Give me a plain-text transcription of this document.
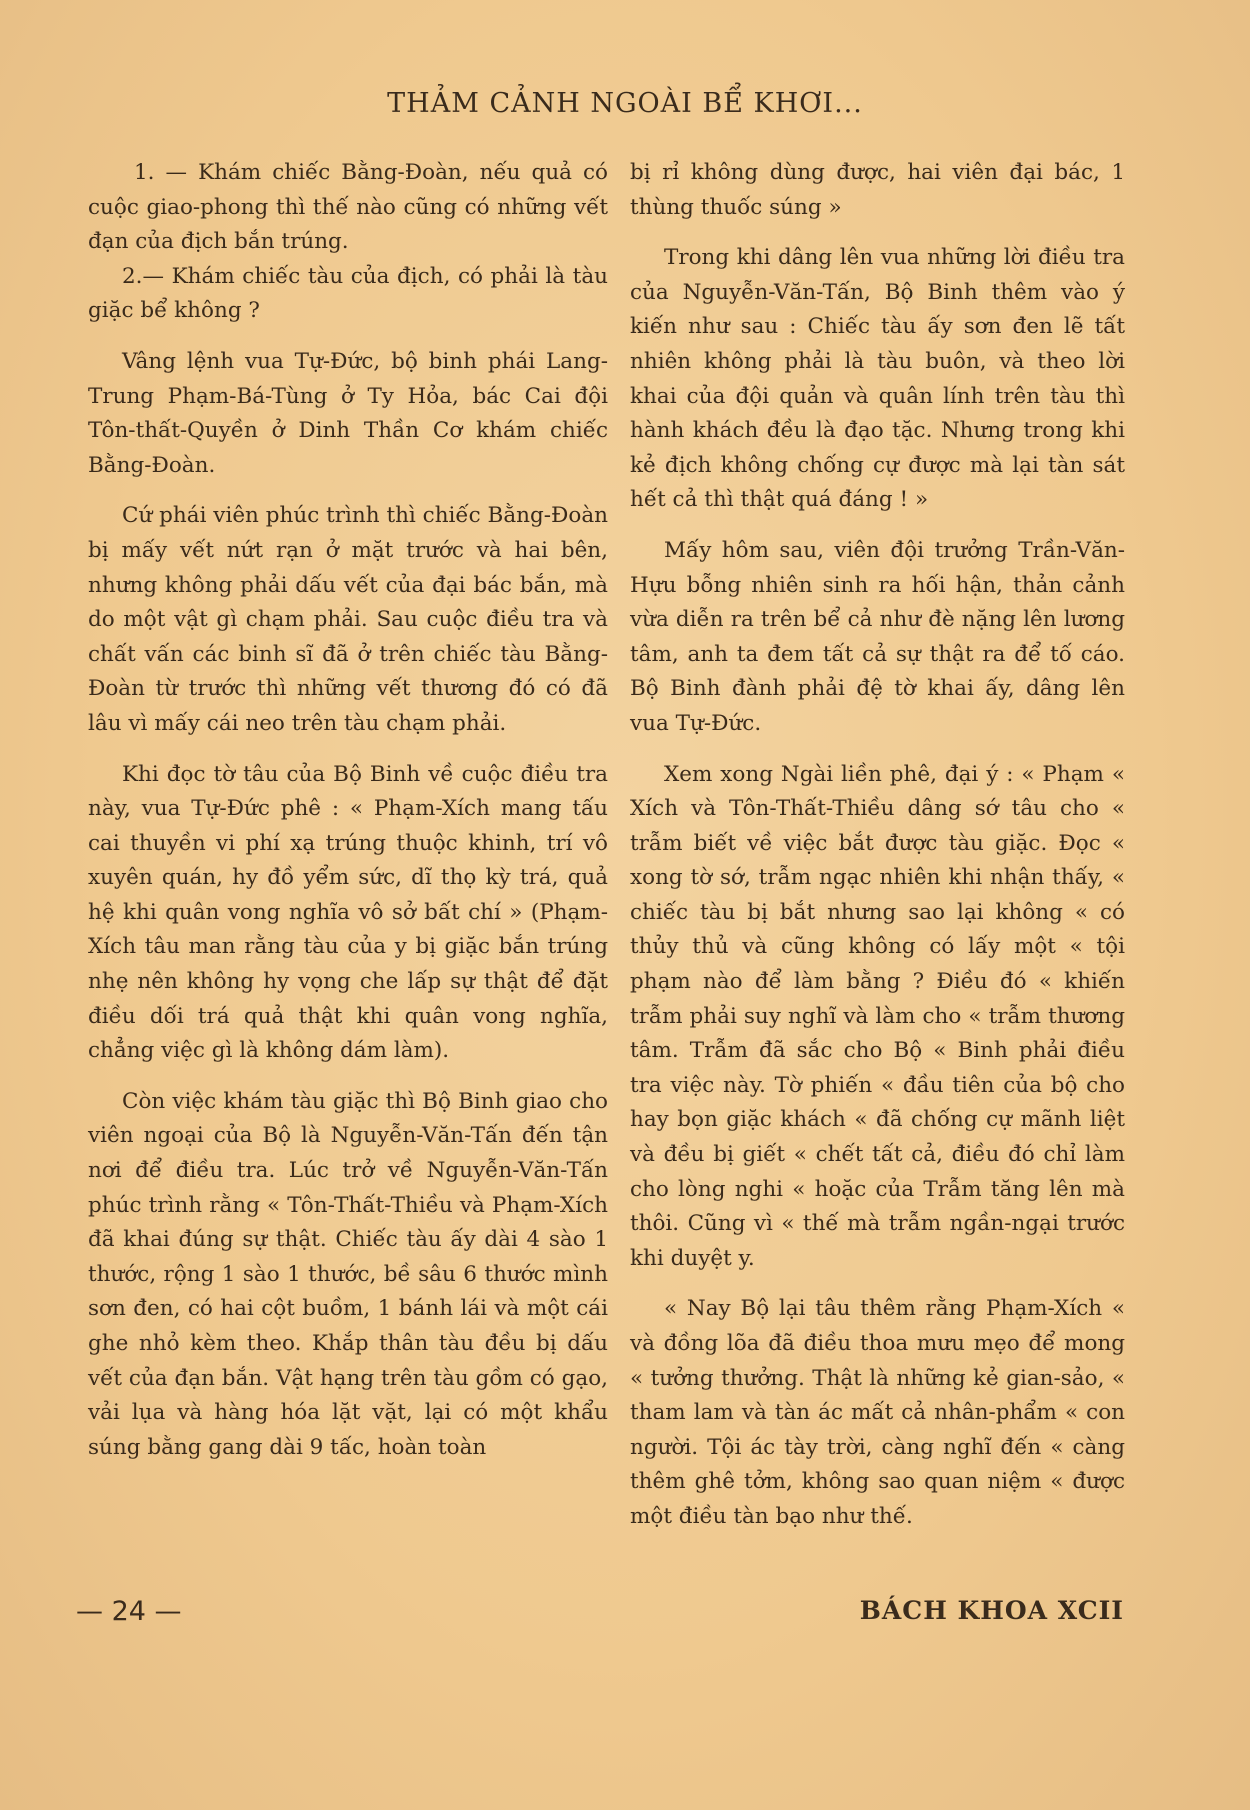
THẢM CẢNH NGOÀI BỂ KHƠI...

1. — Khám chiếc Bằng-Đoàn, nếu quả có cuộc giao-phong thì thế nào cũng có những vết đạn của địch bắn trúng.

2.— Khám chiếc tàu của địch, có phải là tàu giặc bể không ?

Vâng lệnh vua Tự-Đức, bộ binh phái Lang-Trung Phạm-Bá-Tùng ở Ty Hỏa, bác Cai đội Tôn-thất-Quyền ở Dinh Thần Cơ khám chiếc Bằng-Đoàn.

Cứ phái viên phúc trình thì chiếc Bằng-Đoàn bị mấy vết nứt rạn ở mặt trước và hai bên, nhưng không phải dấu vết của đại bác bắn, mà do một vật gì chạm phải. Sau cuộc điều tra và chất vấn các binh sĩ đã ở trên chiếc tàu Bằng-Đoàn từ trước thì những vết thương đó có đã lâu vì mấy cái neo trên tàu chạm phải.

Khi đọc tờ tâu của Bộ Binh về cuộc điều tra này, vua Tự-Đức phê : « Phạm-Xích mang tấu cai thuyền vi phí xạ trúng thuộc khinh, trí vô xuyên quán, hy đồ yểm sức, dĩ thọ kỳ trá, quả hệ khi quân vong nghĩa vô sở bất chí » (Phạm-Xích tâu man rằng tàu của y bị giặc bắn trúng nhẹ nên không hy vọng che lấp sự thật để đặt điều dối trá quả thật khi quân vong nghĩa, chẳng việc gì là không dám làm).

Còn việc khám tàu giặc thì Bộ Binh giao cho viên ngoại của Bộ là Nguyễn-Văn-Tấn đến tận nơi để điều tra. Lúc trở về Nguyễn-Văn-Tấn phúc trình rằng « Tôn-Thất-Thiều và Phạm-Xích đã khai đúng sự thật. Chiếc tàu ấy dài 4 sào 1 thước, rộng 1 sào 1 thước, bề sâu 6 thước mình sơn đen, có hai cột buồm, 1 bánh lái và một cái ghe nhỏ kèm theo. Khắp thân tàu đều bị dấu vết của đạn bắn. Vật hạng trên tàu gồm có gạo, vải lụa và hàng hóa lặt vặt, lại có một khẩu súng bằng gang dài 9 tấc, hoàn toàn

bị rỉ không dùng được, hai viên đại bác, 1 thùng thuốc súng »

Trong khi dâng lên vua những lời điều tra của Nguyễn-Văn-Tấn, Bộ Binh thêm vào ý kiến như sau : Chiếc tàu ấy sơn đen lẽ tất nhiên không phải là tàu buôn, và theo lời khai của đội quản và quân lính trên tàu thì hành khách đều là đạo tặc. Nhưng trong khi kẻ địch không chống cự được mà lại tàn sát hết cả thì thật quá đáng ! »

Mấy hôm sau, viên đội trưởng Trần-Văn-Hựu bỗng nhiên sinh ra hối hận, thản cảnh vừa diễn ra trên bể cả như đè nặng lên lương tâm, anh ta đem tất cả sự thật ra để tố cáo. Bộ Binh đành phải đệ tờ khai ấy, dâng lên vua Tự-Đức.

Xem xong Ngài liền phê, đại ý : « Phạm « Xích và Tôn-Thất-Thiều dâng sớ tâu cho « trẫm biết về việc bắt được tàu giặc. Đọc « xong tờ sớ, trẫm ngạc nhiên khi nhận thấy, « chiếc tàu bị bắt nhưng sao lại không « có thủy thủ và cũng không có lấy một « tội phạm nào để làm bằng ? Điều đó « khiến trẫm phải suy nghĩ và làm cho « trẫm thương tâm. Trẫm đã sắc cho Bộ « Binh phải điều tra việc này. Tờ phiến « đầu tiên của bộ cho hay bọn giặc khách « đã chống cự mãnh liệt và đều bị giết « chết tất cả, điều đó chỉ làm cho lòng nghi « hoặc của Trẫm tăng lên mà thôi. Cũng vì « thế mà trẫm ngần-ngại trước khi duyệt y.

« Nay Bộ lại tâu thêm rằng Phạm-Xích « và đồng lõa đã điều thoa mưu mẹo để mong « tưởng thưởng. Thật là những kẻ gian-sảo, « tham lam và tàn ác mất cả nhân-phẩm « con người. Tội ác tày trời, càng nghĩ đến « càng thêm ghê tởm, không sao quan niệm « được một điều tàn bạo như thế.

— 24 —	BÁCH KHOA XCII
